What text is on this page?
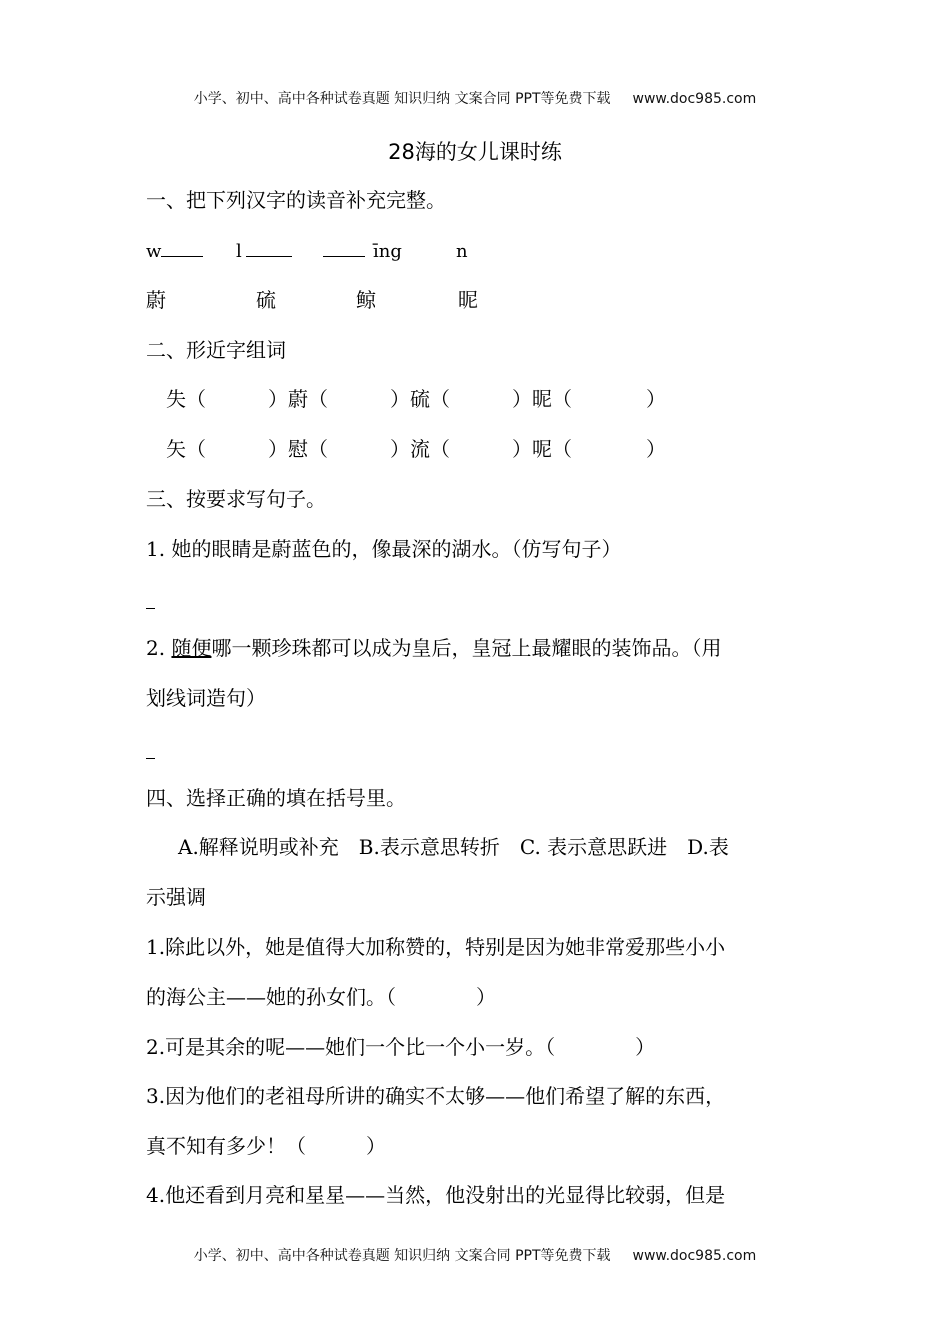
小学、初中、高中各种试卷真题 知识归纳 文案合同 PPT等免费下载 www.doc985.com
28海的女儿课时练
一、把下列汉字的读音补充完整。
w	l	īng	n
蔚	硫	鲸	昵
二、形近字组词
失（	）蔚（	）硫（	）昵（	）
矢（	）慰（	）流（	）呢（	）
三、按要求写句子。
1. 她的眼睛是蔚蓝色的，像最深的湖水。（仿写句子）
2. 随便哪一颗珍珠都可以成为皇后，皇冠上最耀眼的装饰品。（用
划线词造句）
四、选择正确的填在括号里。
A.解释说明或补充　B.表示意思转折　C. 表示意思跃进　D.表
示强调
1.除此以外，她是值得大加称赞的，特别是因为她非常爱那些小小
的海公主——她的孙女们。（　　　　）
2.可是其余的呢——她们一个比一个小一岁。（　　　　）
3.因为他们的老祖母所讲的确实不太够——他们希望了解的东西，
真不知有多少！（　　　）
4.他还看到月亮和星星——当然，他没射出的光显得比较弱，但是
小学、初中、高中各种试卷真题 知识归纳 文案合同 PPT等免费下载 www.doc985.com
